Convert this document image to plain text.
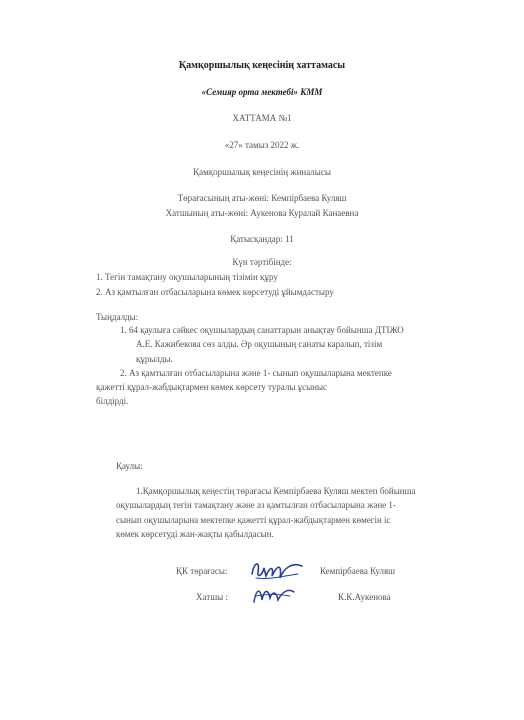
Қамқоршылық кеңесінің хаттамасы
«Семияр орта мектебі» КММ
ХАТТАМА №1
«27» тамыз 2022 ж.
Қамқоршылық кеңесінің жиналысы
Төрағасының аты-жөні: Кемпірбаева Куляш
Хатшының аты-жөні: Аукенова Куралай Канаевна
Қатысқандар: 11
Күн тәртібінде:
1. Тегін тамақтану оқушыларының тізімін құру
2. Аз қамтылған отбасыларына көмек көрсетуді ұйымдастыру
Тыңдалды:
1. 64 қаулыға сәйкес оқушылардың санаттарын анықтау бойынша ДТІЖО
А.Е. Кажибекова сөз алды. Әр оқушының санаты каралып, тізім
құрылды.
2. Аз қамтылған отбасыларына және 1- сынып оқушыларына мектепке
қажетті құрал-жабдықтармен көмек көрсету туралы ұсыныс
білдірді.
Қаулы:
1.Қамқоршылық кеңестің төрағасы Кемпірбаева Куляш мектеп бойынша
оқушылардың тегін тамақтану және аз қамтылған отбасыларына және 1-
сынып оқушыларына мектепке қажетті құрал-жабдықтармен көмегін іс
көмек көрсетуді жан-жақты қабылдасын.
ҚК төрағасы:	Кемпірбаева Куляш
Хатшы :	К.К.Аукенова
